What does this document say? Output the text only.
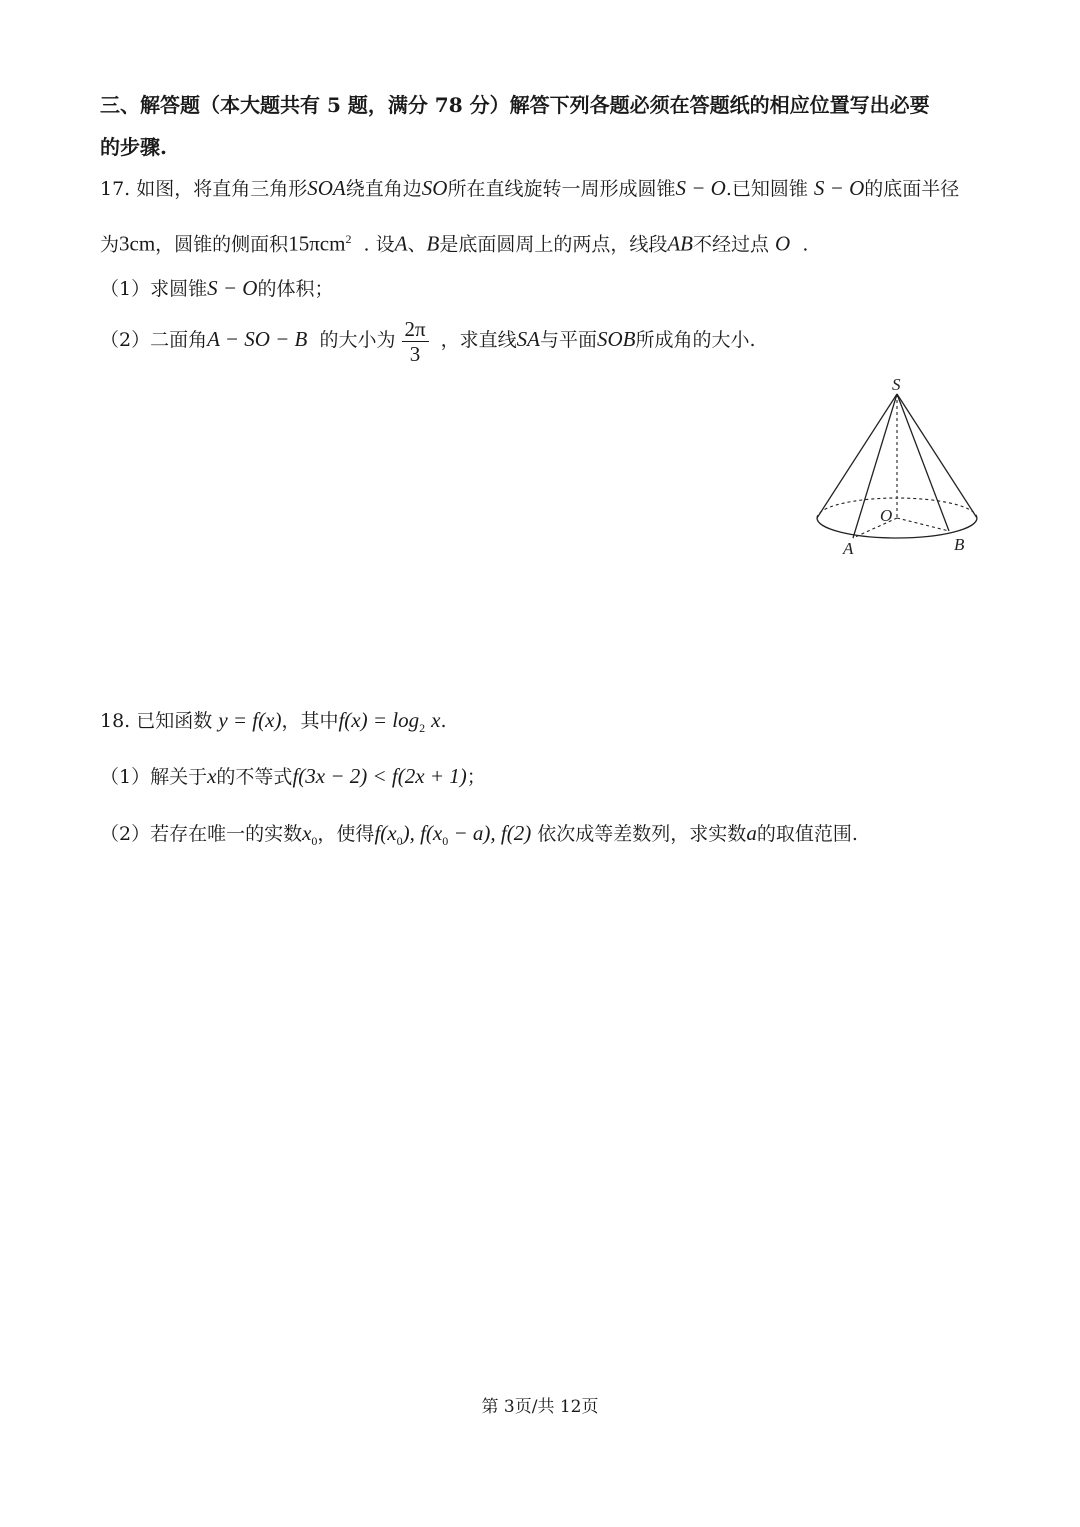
三、解答题（本大题共有 5 题，满分 78 分）解答下列各题必须在答题纸的相应位置写出必要
的步骤.
17. 如图，将直角三角形SOA绕直角边SO所在直线旋转一周形成圆锥S − O.已知圆锥 S − O的底面半径
为3cm，圆锥的侧面积15πcm$^2$ . 设A、B是底面圆周上的两点，线段AB不经过点 O .
（1）求圆锥S − O的体积；
（2）二面角A − SO − B 的大小为 $\frac{2\pi}{3}$ ，求直线SA与平面SOB所成角的大小.
S
O
A	B
18. 已知函数 y = f(x)，其中$f(x) = \log_2 x$.
（1）解关于x的不等式f(3x − 2) < f(2x + 1)；
（2）若存在唯一的实数$x_0$，使得$f(x_0)$, $f(x_0 - a)$, f(2) 依次成等差数列，求实数a的取值范围.
第 3页/共 12页
